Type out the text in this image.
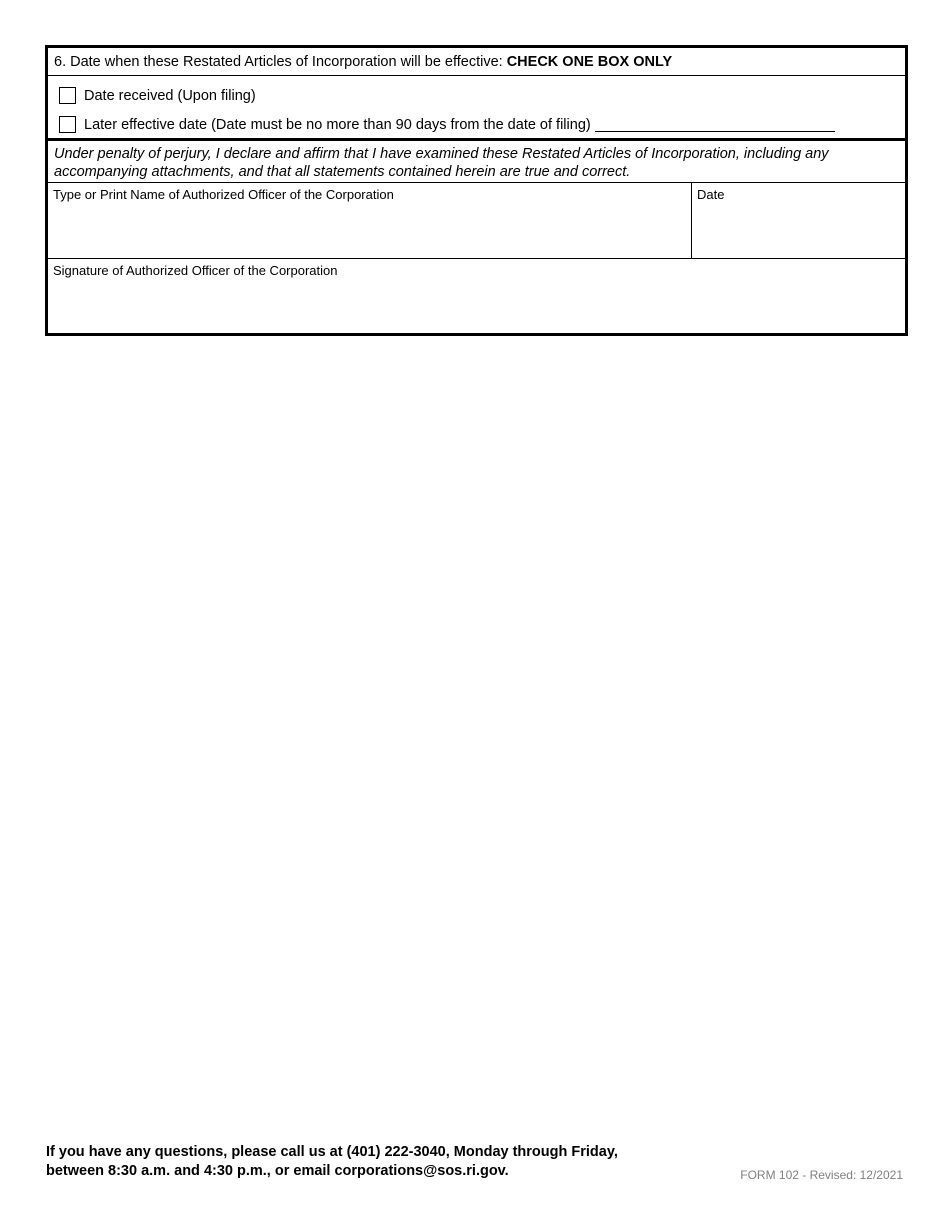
6. Date when these Restated Articles of Incorporation will be effective: CHECK ONE BOX ONLY
Date received (Upon filing)
Later effective date (Date must be no more than 90 days from the date of filing)
Under penalty of perjury, I declare and affirm that I have examined these Restated Articles of Incorporation, including any accompanying attachments, and that all statements contained herein are true and correct.
Type or Print Name of Authorized Officer of the Corporation	Date
Signature of Authorized Officer of the Corporation
If you have any questions, please call us at (401) 222-3040, Monday through Friday,
between 8:30 a.m. and 4:30 p.m., or email corporations@sos.ri.gov.	FORM 102 - Revised: 12/2021
